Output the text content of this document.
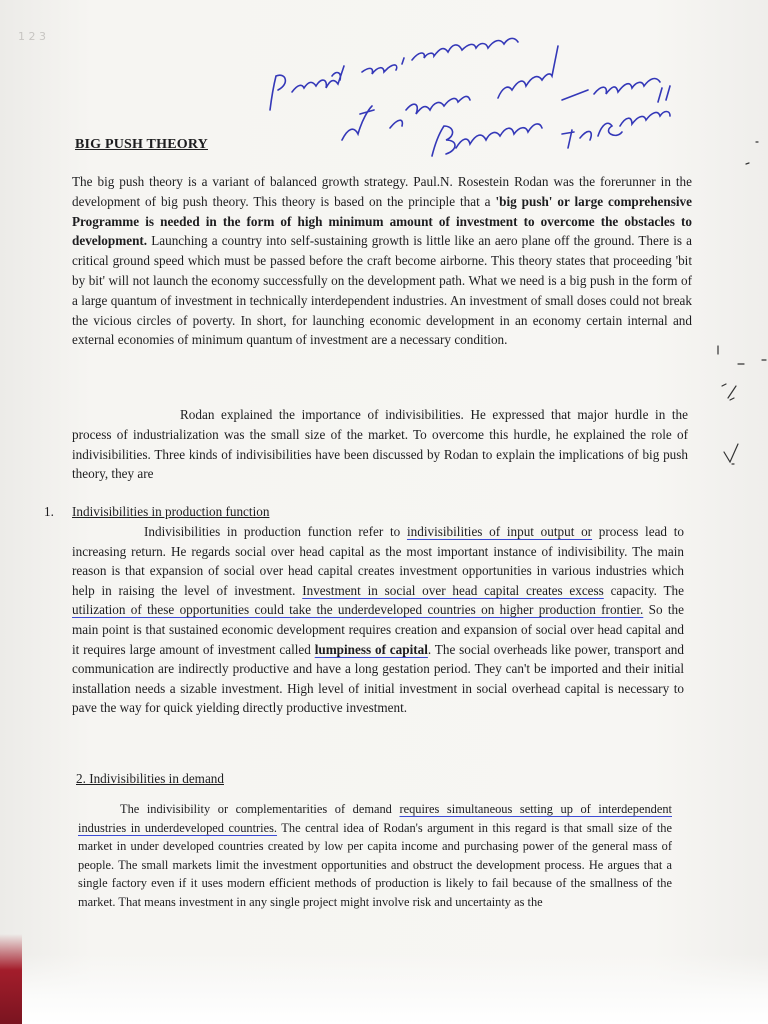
1 2 3
BIG PUSH THEORY
The big push theory is a variant of balanced growth strategy. Paul.N. Rosestein Rodan was the forerunner in the development of big push theory. This theory is based on the principle that a 'big push' or large comprehensive Programme is needed in the form of high minimum amount of investment to overcome the obstacles to development. Launching a country into self-sustaining growth is little like an aero plane off the ground. There is a critical ground speed which must be passed before the craft become airborne. This theory states that proceeding 'bit by bit' will not launch the economy successfully on the development path. What we need is a big push in the form of a large quantum of investment in technically interdependent industries. An investment of small doses could not break the vicious circles of poverty. In short, for launching economic development in an economy certain internal and external economies of minimum quantum of investment are a necessary condition.
Rodan explained the importance of indivisibilities. He expressed that major hurdle in the process of industrialization was the small size of the market. To overcome this hurdle, he explained the role of indivisibilities. Three kinds of indivisibilities have been discussed by Rodan to explain the implications of big push theory, they are
1. Indivisibilities in production function
Indivisibilities in production function refer to indivisibilities of input output or process lead to increasing return. He regards social over head capital as the most important instance of indivisibility. The main reason is that expansion of social over head capital creates investment opportunities in various industries which help in raising the level of investment. Investment in social over head capital creates excess capacity. The utilization of these opportunities could take the underdeveloped countries on higher production frontier. So the main point is that sustained economic development requires creation and expansion of social over head capital and it requires large amount of investment called lumpiness of capital. The social overheads like power, transport and communication are indirectly productive and have a long gestation period. They can't be imported and their initial installation needs a sizable investment. High level of initial investment in social overhead capital is necessary to pave the way for quick yielding directly productive investment.
2. Indivisibilities in demand
The indivisibility or complementarities of demand requires simultaneous setting up of interdependent industries in underdeveloped countries. The central idea of Rodan's argument in this regard is that small size of the market in under developed countries created by low per capita income and purchasing power of the general mass of people. The small markets limit the investment opportunities and obstruct the development process. He argues that a single factory even if it uses modern efficient methods of production is likely to fail because of the smallness of the market. That means investment in any single project might involve risk and uncertainty as the
